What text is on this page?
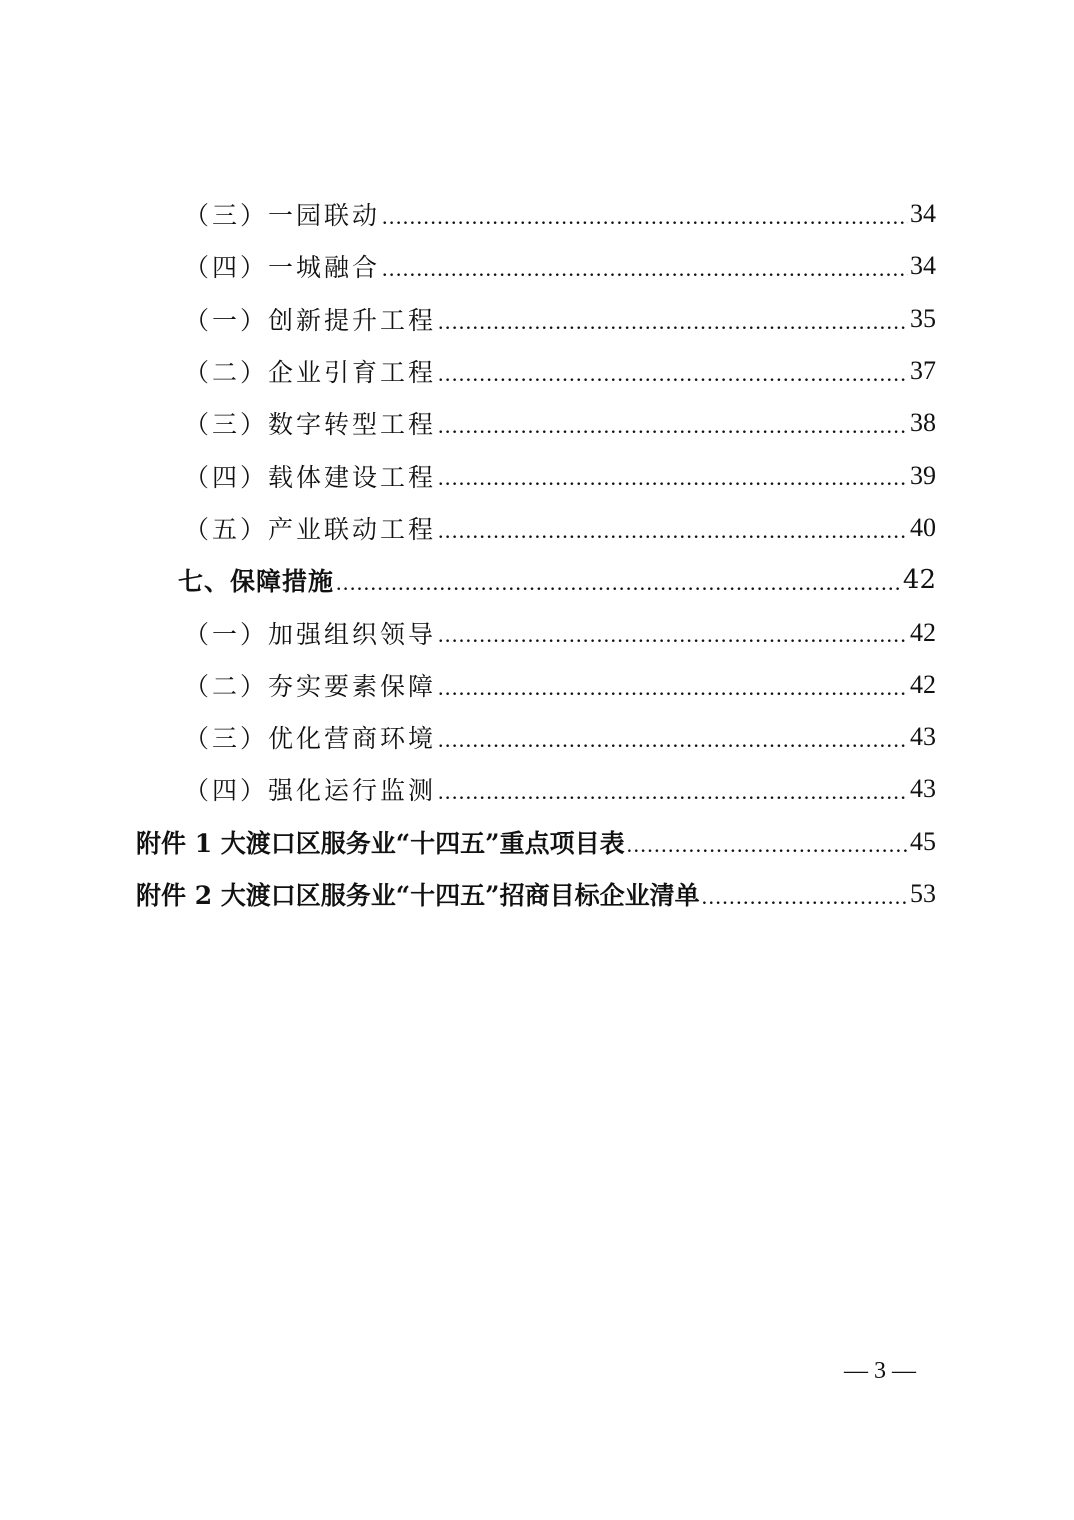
（三）一园联动 .....	34
（四）一城融合 .....	34
（一）创新提升工程 .....	35
（二）企业引育工程 .....	37
（三）数字转型工程 .....	38
（四）载体建设工程 .....	39
（五）产业联动工程 .....	40
七、保障措施 .....	42
（一）加强组织领导 .....	42
（二）夯实要素保障 .....	42
（三）优化营商环境 .....	43
（四）强化运行监测 .....	43
附件 1 大渡口区服务业“十四五”重点项目表 .....	45
附件 2 大渡口区服务业“十四五”招商目标企业清单 .....	53
— 3 —
